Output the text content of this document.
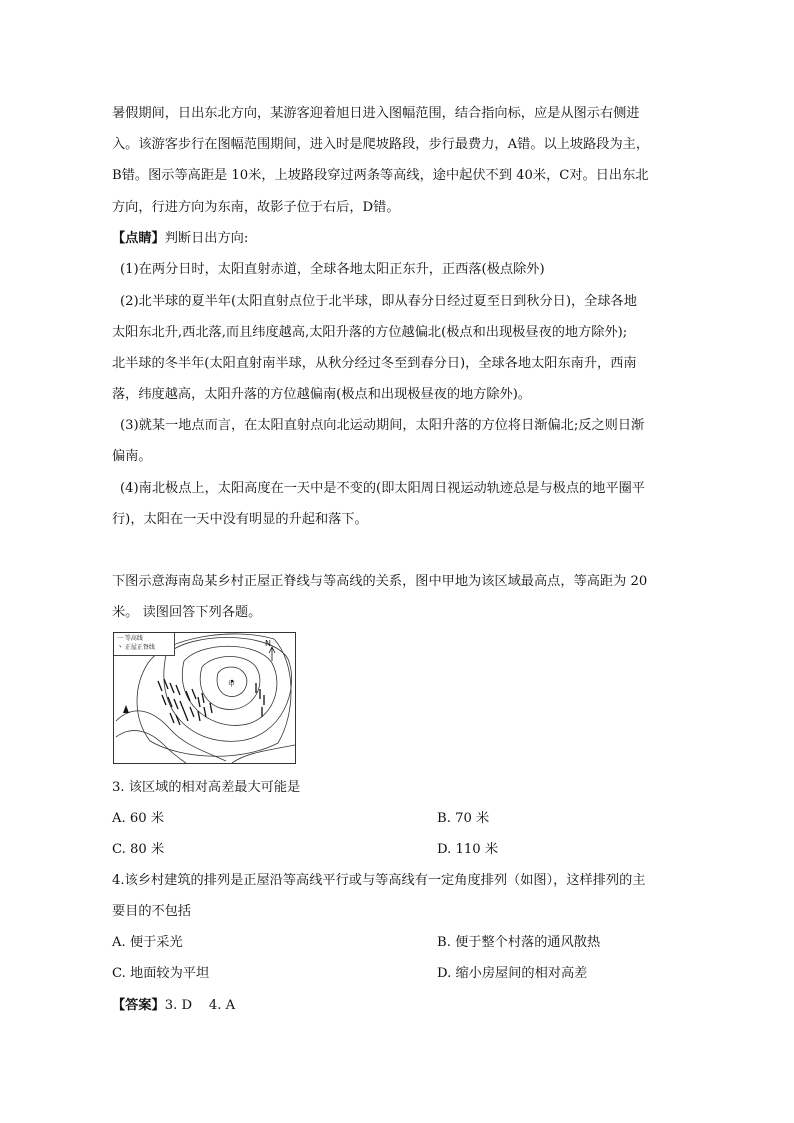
暑假期间，日出东北方向，某游客迎着旭日进入图幅范围，结合指向标，应是从图示右侧进
入。该游客步行在图幅范围期间，进入时是爬坡路段，步行最费力，A错。以上坡路段为主，
B错。图示等高距是 10米，上坡路段穿过两条等高线，途中起伏不到 40米，C对。日出东北
方向，行进方向为东南，故影子位于右后，D错。
【点睛】判断日出方向:
(1)在两分日时，太阳直射赤道，全球各地太阳正东升，正西落(极点除外)
(2)北半球的夏半年(太阳直射点位于北半球，即从春分日经过夏至日到秋分日)，全球各地
太阳东北升,西北落,而且纬度越高,太阳升落的方位越偏北(极点和出现极昼夜的地方除外);
北半球的冬半年(太阳直射南半球，从秋分经过冬至到春分日)，全球各地太阳东南升，西南
落，纬度越高，太阳升落的方位越偏南(极点和出现极昼夜的地方除外)。
(3)就某一地点而言，在太阳直射点向北运动期间，太阳升落的方位将日渐偏北;反之则日渐
偏南。
(4)南北极点上，太阳高度在一天中是不变的(即太阳周日视运动轨迹总是与极点的地平圈平
行)，太阳在一天中没有明显的升起和落下。
下图示意海南岛某乡村正屋正脊线与等高线的关系，图中甲地为该区域最高点，等高距为 20
米。 读图回答下列各题。
一 等高线
丶 正屋正脊线	N
甲
3. 该区域的相对高差最大可能是
A. 60 米	B. 70 米
C. 80 米	D. 110 米
4.该乡村建筑的排列是正屋沿等高线平行或与等高线有一定角度排列（如图），这样排列的主
要目的不包括
A. 便于采光	B. 便于整个村落的通风散热
C. 地面较为平坦	D. 缩小房屋间的相对高差
【答案】3. D    4. A
